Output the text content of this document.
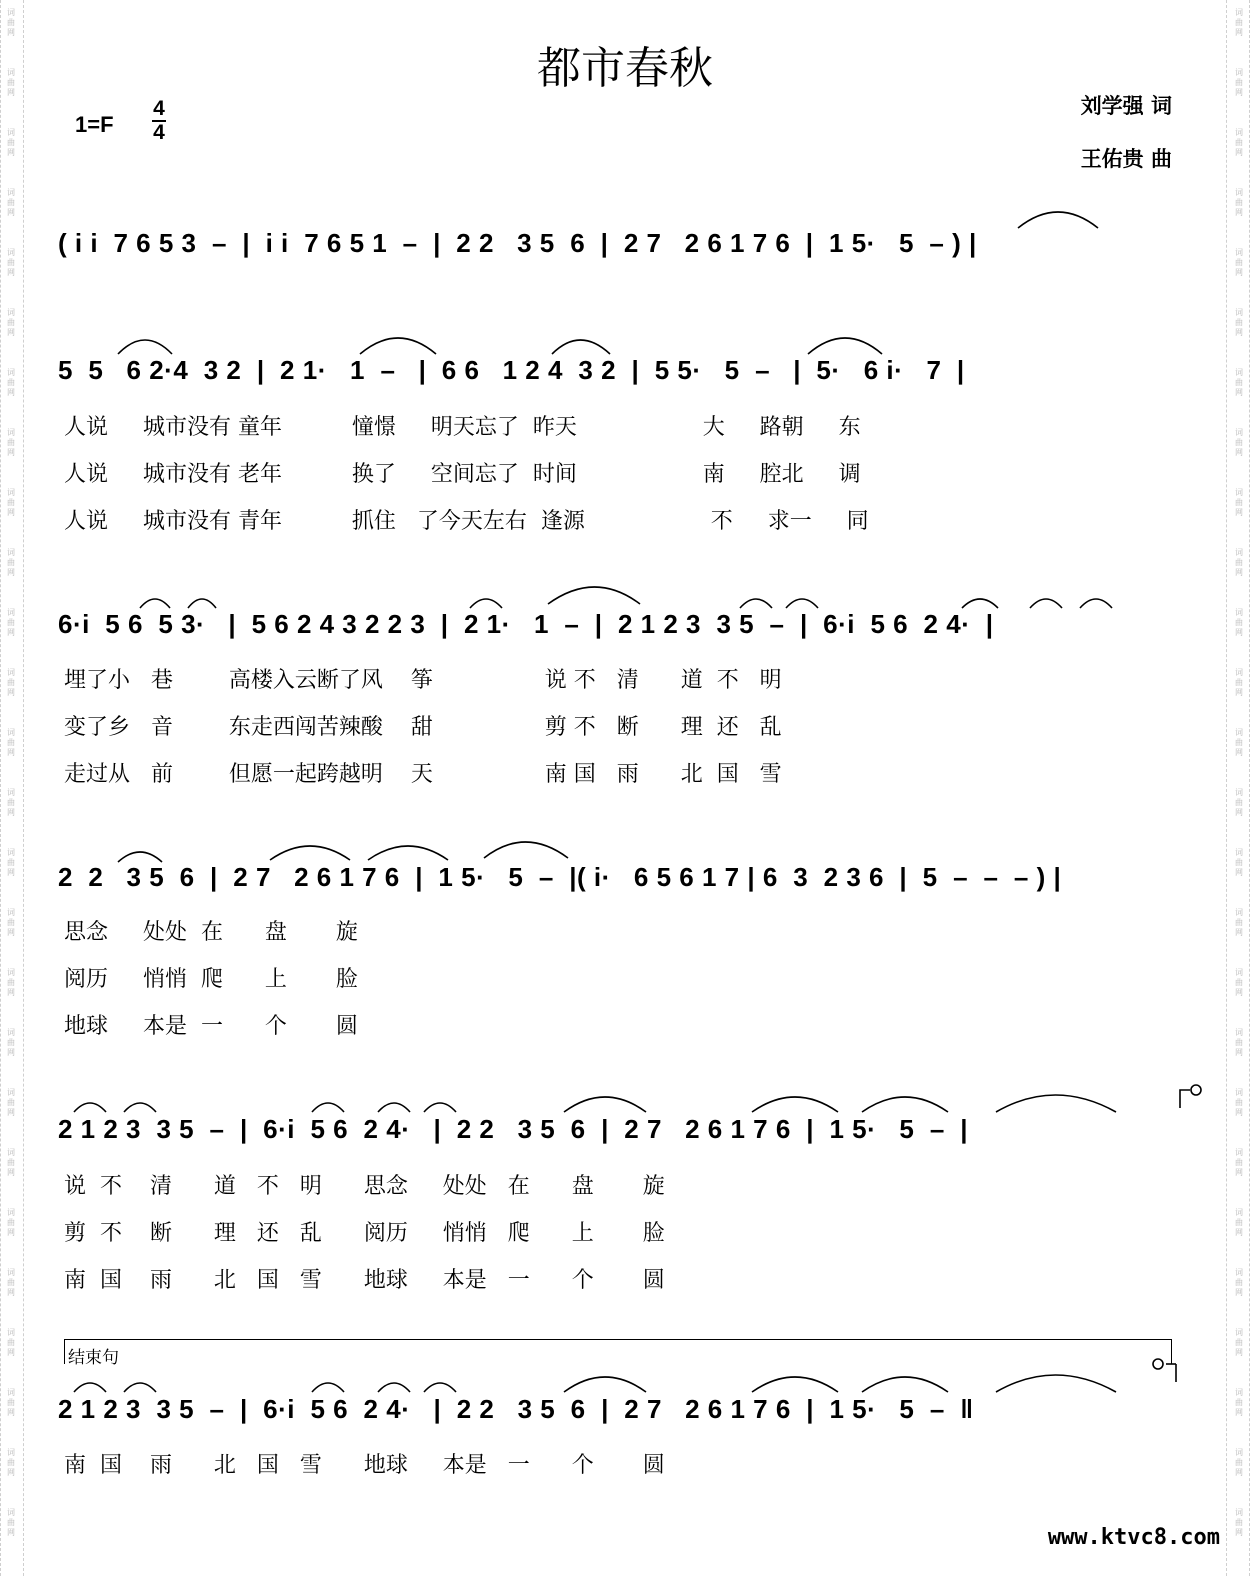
词
曲
网
词
曲
网
词
曲
网
词
曲
网
词
曲
网
词
曲
网
词
曲
网
词
曲
网
词
曲
网
词
曲
网
词
曲
网
词
曲
网
词
曲
网
词
曲
网
词
曲
网
词
曲
网
词
曲
网
词
曲
网
词
曲
网
词
曲
网
词
曲
网
词
曲
网
词
曲
网
词
曲
网
词
曲
网
词
曲
网
词
曲
网
词
曲
网
词
曲
网
词
曲
网
词
曲
网
词
曲
网
词
曲
网
词
曲
网
词
曲
网
词
曲
网
词
曲
网
词
曲
网
词
曲
网
词
曲
网
词
曲
网
词
曲
网
词
曲
网
词
曲
网
词
曲
网
词
曲
网
词
曲
网
词
曲
网
词
曲
网
词
曲
网
词
曲
网
词
曲
网
都市春秋
1=F
4
4
刘学强 词
王佑贵 曲
( i i  7 6 5 3  –  |  i i  7 6 5 1  –  |  2 2   3 5  6  |  2 7   2 6 1 7 6  |  1 5·   5  – ) |
5  5   6 2·4  3 2  |  2 1·   1  –   |  6 6   1 2 4  3 2  |  5 5·   5  –   |  5·   6 i·   7  |
人说     城市没有 童年          憧憬     明天忘了  昨天                  大     路朝     东
人说     城市没有 老年          换了     空间忘了  时间                  南     腔北     调
人说     城市没有 青年          抓住   了今天左右  逢源                  不     求一     同
6·i  5 6  5 3·   |  5 6 2 4 3 2 2 3  |  2 1·   1  –  |  2 1 2 3  3 5  –  |  6·i  5 6  2 4·  |
埋了小   巷        高楼入云断了风    筝                说 不   清      道  不   明
变了乡   音        东走西闯苦辣酸    甜                剪 不   断      理  还   乱
走过从   前        但愿一起跨越明    天                南 国   雨      北  国   雪
2  2   3 5  6  |  2 7   2 6 1 7 6  |  1 5·   5  –  |( i·   6 5 6 1 7 | 6  3  2 3 6  |  5  –  –  – ) |
思念     处处  在      盘       旋
阅历     悄悄  爬      上       脸
地球     本是  一      个       圆
2 1 2 3  3 5  –  |  6·i  5 6  2 4·   |  2 2   3 5  6  |  2 7   2 6 1 7 6  |  1 5·   5  –  |
说  不    清      道   不   明      思念     处处   在      盘       旋
剪  不    断      理   还   乱      阅历     悄悄   爬      上       脸
南  国    雨      北   国   雪      地球     本是   一      个       圆
结束句
2 1 2 3  3 5  –  |  6·i  5 6  2 4·   |  2 2   3 5  6  |  2 7   2 6 1 7 6  |  1 5·   5  –  ‖
南  国    雨      北   国   雪      地球     本是   一      个       圆
www.ktvc8.com
